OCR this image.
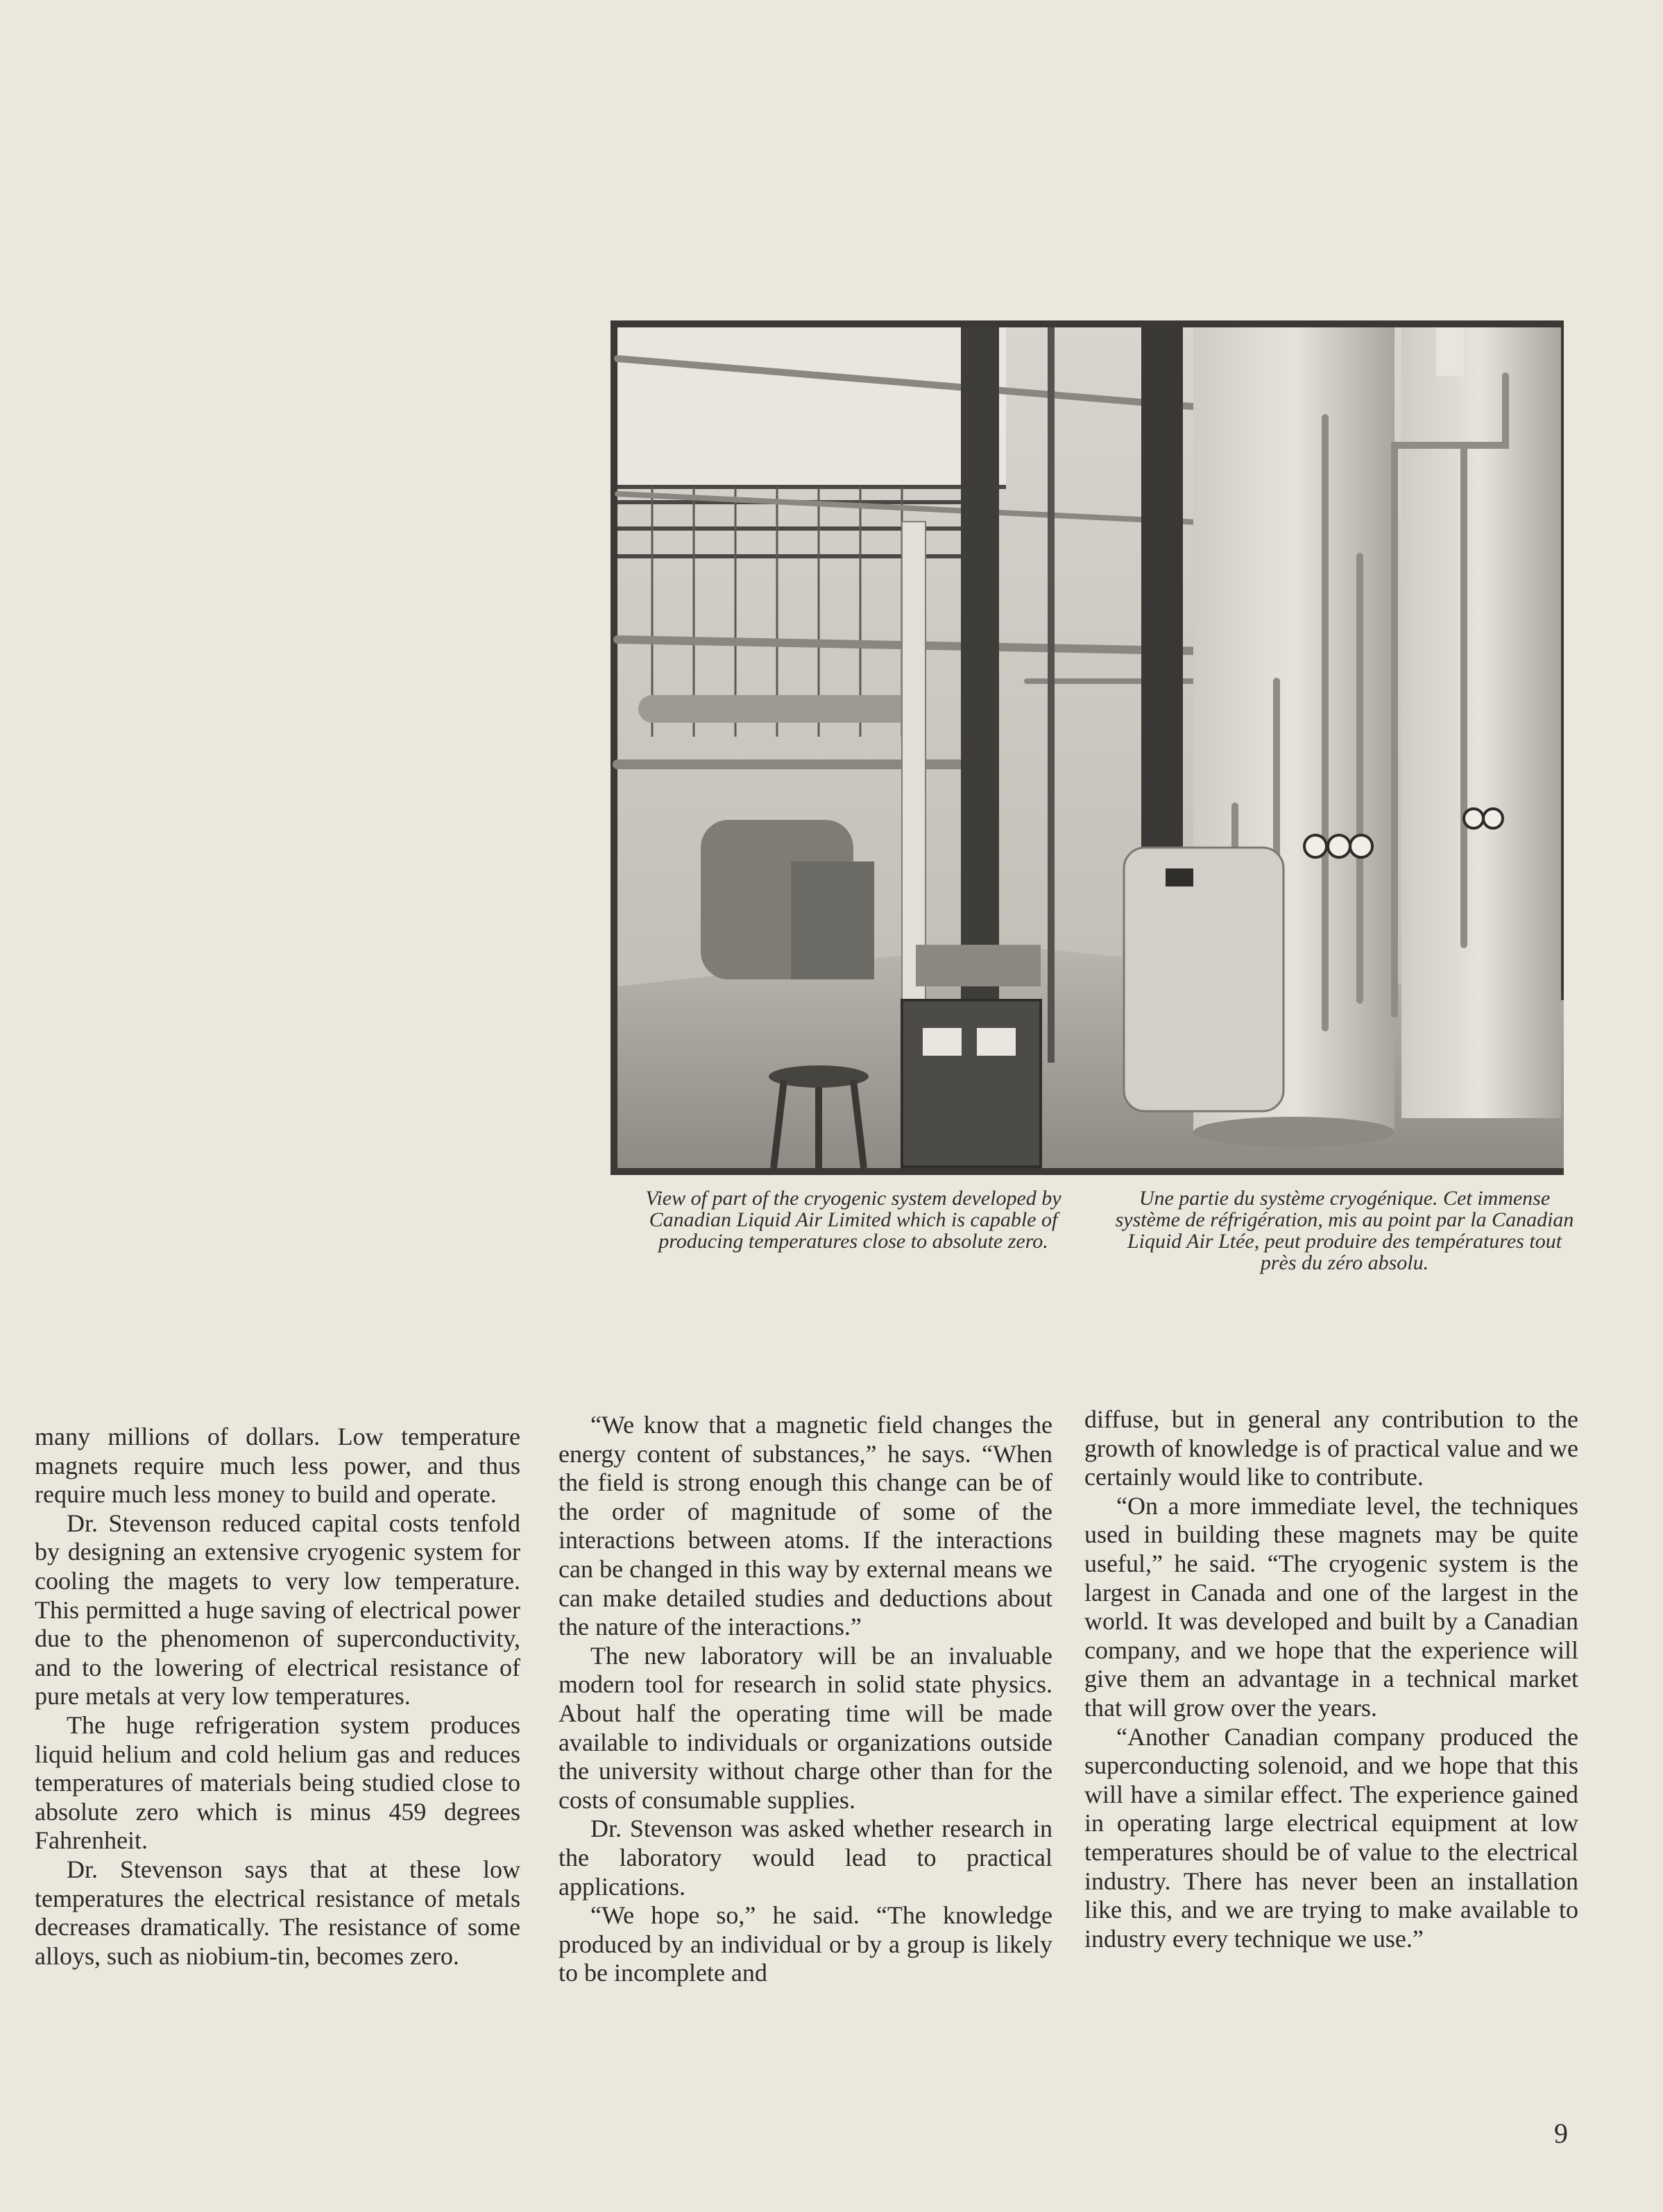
View of part of the cryogenic system developed by Canadian Liquid Air Limited which is capable of producing temperatures close to absolute zero.
Une partie du système cryogénique. Cet immense système de réfrigération, mis au point par la Canadian Liquid Air Ltée, peut produire des températures tout près du zéro absolu.

many millions of dollars. Low temperature magnets require much less power, and thus require much less money to build and operate.

Dr. Stevenson reduced capital costs tenfold by designing an extensive cryogenic system for cooling the magets to very low temperature. This permitted a huge saving of electrical power due to the phenomenon of superconductivity, and to the lowering of electrical resistance of pure metals at very low temperatures.

The huge refrigeration system produces liquid helium and cold helium gas and reduces temperatures of materials being studied close to absolute zero which is minus 459 degrees Fahrenheit.

Dr. Stevenson says that at these low temperatures the electrical resistance of metals decreases dramatically. The resistance of some alloys, such as niobium-tin, becomes zero.

“We know that a magnetic field changes the energy content of substances,” he says. “When the field is strong enough this change can be of the order of magnitude of some of the interactions between atoms. If the interactions can be changed in this way by external means we can make detailed studies and deductions about the nature of the interactions.”

The new laboratory will be an invaluable modern tool for research in solid state physics. About half the operating time will be made available to individuals or organizations outside the university without charge other than for the costs of consumable supplies.

Dr. Stevenson was asked whether research in the laboratory would lead to practical applications.

“We hope so,” he said. “The knowledge produced by an individual or by a group is likely to be incomplete and

diffuse, but in general any contribution to the growth of knowledge is of practical value and we certainly would like to contribute.

“On a more immediate level, the techniques used in building these magnets may be quite useful,” he said. “The cryogenic system is the largest in Canada and one of the largest in the world. It was developed and built by a Canadian company, and we hope that the experience will give them an advantage in a technical market that will grow over the years.

“Another Canadian company produced the superconducting solenoid, and we hope that this will have a similar effect. The experience gained in operating large electrical equipment at low temperatures should be of value to the electrical industry. There has never been an installation like this, and we are trying to make available to industry every technique we use.”

9
